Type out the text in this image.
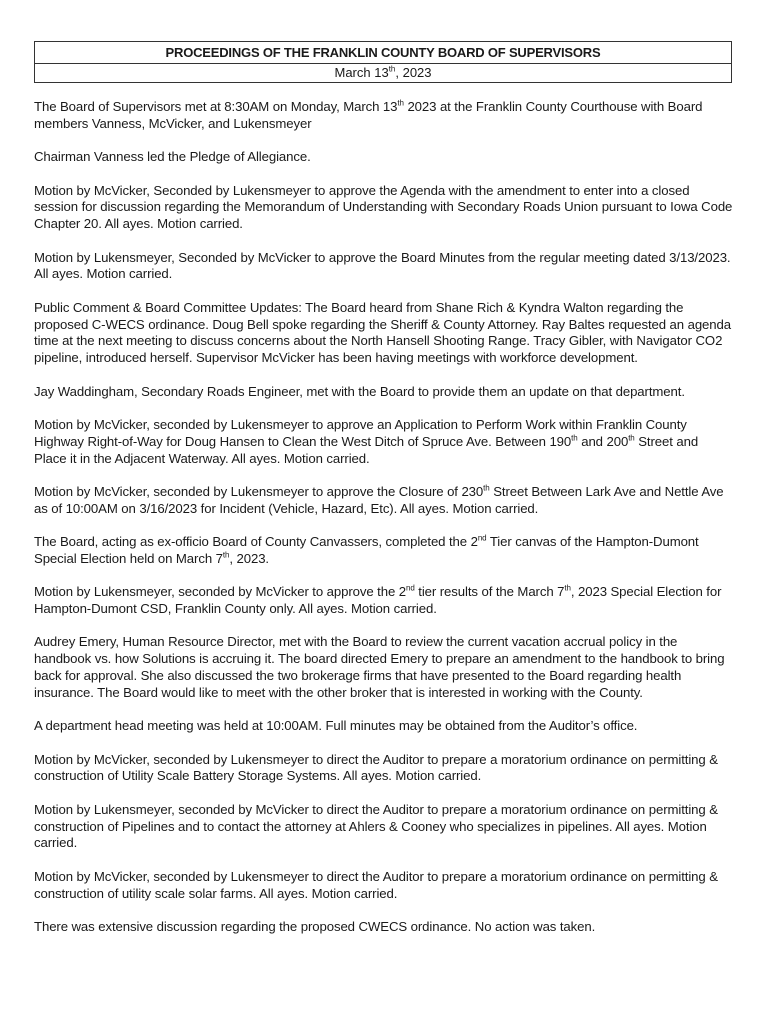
PROCEEDINGS OF THE FRANKLIN COUNTY BOARD OF SUPERVISORS
March 13th, 2023

The Board of Supervisors met at 8:30AM on Monday, March 13th 2023 at the Franklin County Courthouse with Board members Vanness, McVicker, and Lukensmeyer

Chairman Vanness led the Pledge of Allegiance.

Motion by McVicker, Seconded by Lukensmeyer to approve the Agenda with the amendment to enter into a closed session for discussion regarding the Memorandum of Understanding with Secondary Roads Union pursuant to Iowa Code Chapter 20. All ayes. Motion carried.

Motion by Lukensmeyer, Seconded by McVicker to approve the Board Minutes from the regular meeting dated 3/13/2023. All ayes. Motion carried.

Public Comment & Board Committee Updates: The Board heard from Shane Rich & Kyndra Walton regarding the proposed C-WECS ordinance. Doug Bell spoke regarding the Sheriff & County Attorney. Ray Baltes requested an agenda time at the next meeting to discuss concerns about the North Hansell Shooting Range. Tracy Gibler, with Navigator CO2 pipeline, introduced herself. Supervisor McVicker has been having meetings with workforce development.

Jay Waddingham, Secondary Roads Engineer, met with the Board to provide them an update on that department.

Motion by McVicker, seconded by Lukensmeyer to approve an Application to Perform Work within Franklin County Highway Right-of-Way for Doug Hansen to Clean the West Ditch of Spruce Ave. Between 190th and 200th Street and Place it in the Adjacent Waterway. All ayes. Motion carried.

Motion by McVicker, seconded by Lukensmeyer to approve the Closure of 230th Street Between Lark Ave and Nettle Ave as of 10:00AM on 3/16/2023 for Incident (Vehicle, Hazard, Etc). All ayes. Motion carried.

The Board, acting as ex-officio Board of County Canvassers, completed the 2nd Tier canvas of the Hampton-Dumont Special Election held on March 7th, 2023.

Motion by Lukensmeyer, seconded by McVicker to approve the 2nd tier results of the March 7th, 2023 Special Election for Hampton-Dumont CSD, Franklin County only. All ayes. Motion carried.

Audrey Emery, Human Resource Director, met with the Board to review the current vacation accrual policy in the handbook vs. how Solutions is accruing it. The board directed Emery to prepare an amendment to the handbook to bring back for approval. She also discussed the two brokerage firms that have presented to the Board regarding health insurance. The Board would like to meet with the other broker that is interested in working with the County.

A department head meeting was held at 10:00AM. Full minutes may be obtained from the Auditor’s office.

Motion by McVicker, seconded by Lukensmeyer to direct the Auditor to prepare a moratorium ordinance on permitting & construction of Utility Scale Battery Storage Systems. All ayes. Motion carried.

Motion by Lukensmeyer, seconded by McVicker to direct the Auditor to prepare a moratorium ordinance on permitting & construction of Pipelines and to contact the attorney at Ahlers & Cooney who specializes in pipelines. All ayes. Motion carried.

Motion by McVicker, seconded by Lukensmeyer to direct the Auditor to prepare a moratorium ordinance on permitting & construction of utility scale solar farms. All ayes. Motion carried.

There was extensive discussion regarding the proposed CWECS ordinance. No action was taken.
